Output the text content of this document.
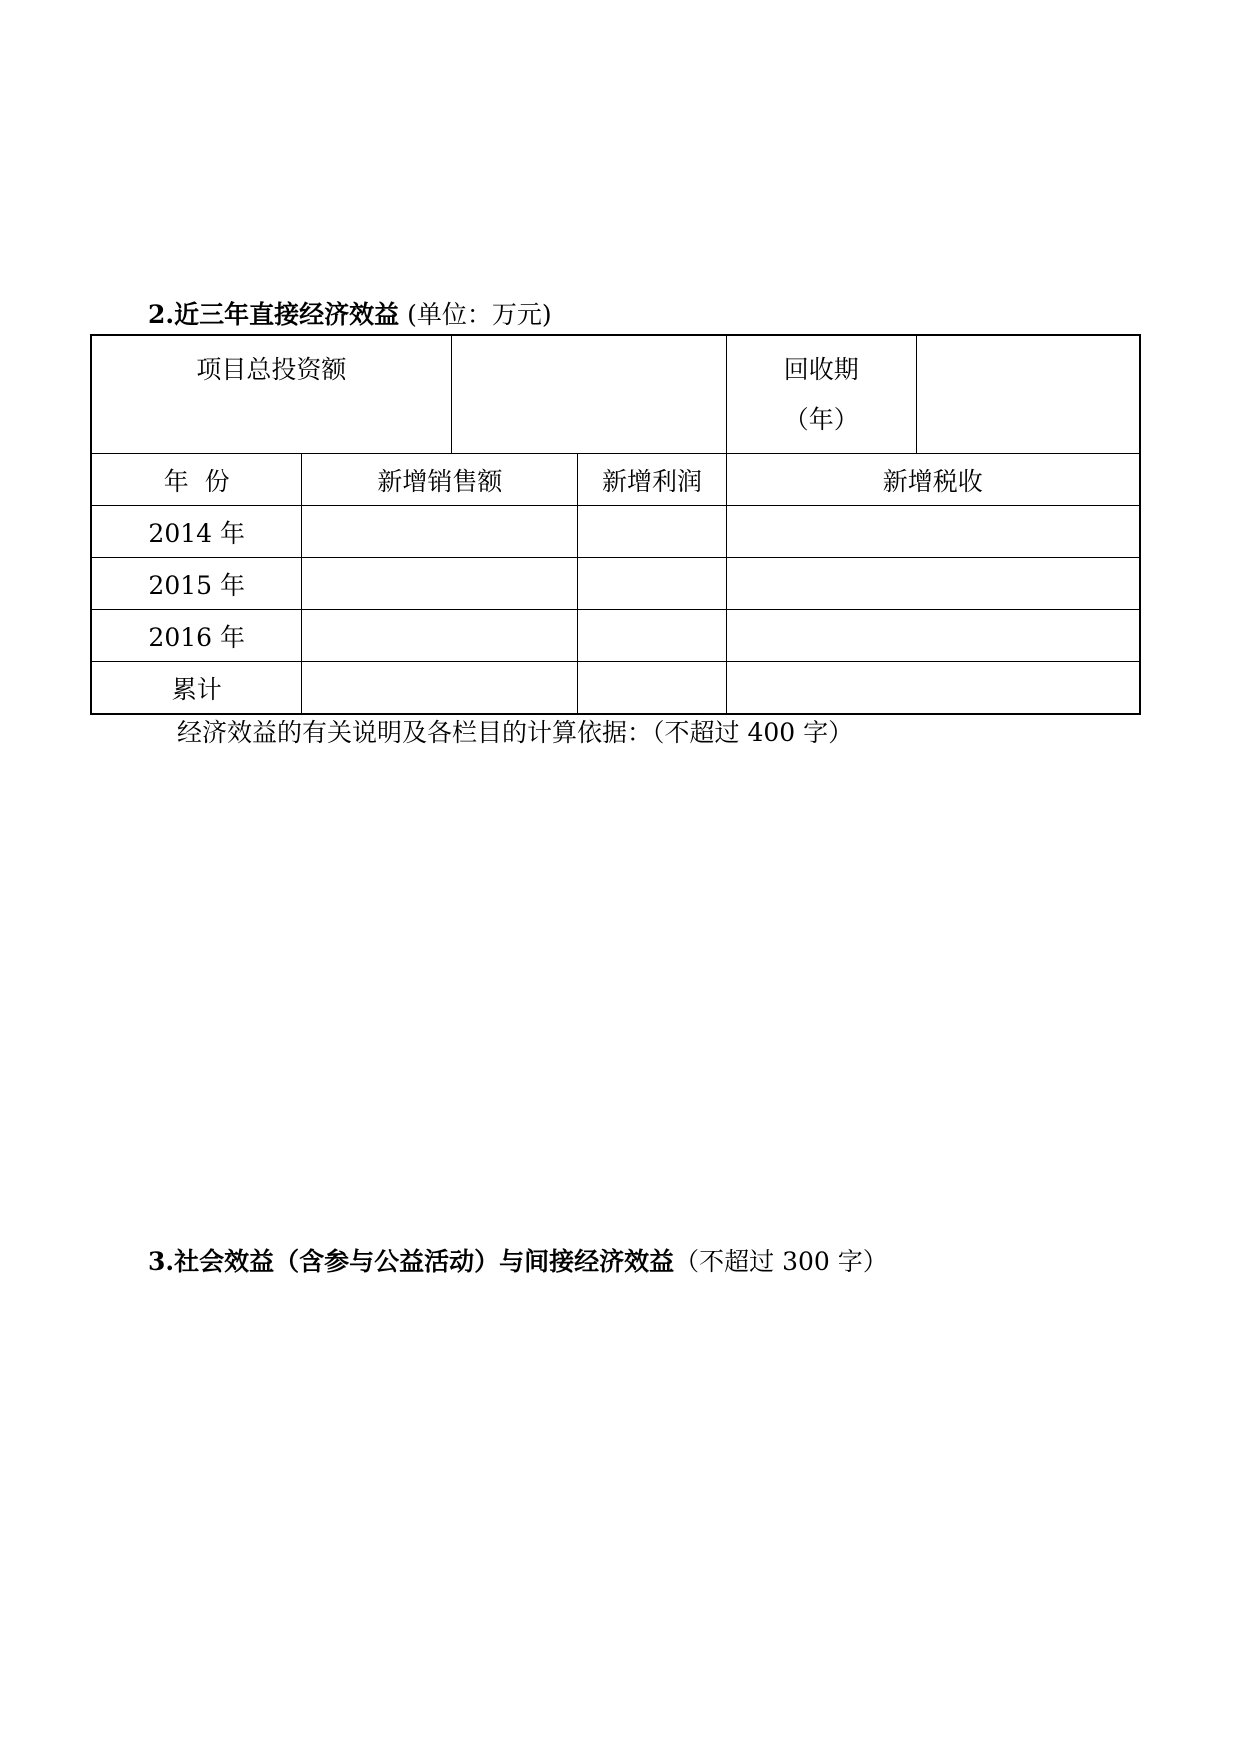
2.近三年直接经济效益 (单位：万元)
项目总投资额				回收期
（年）	

年  份	新增销售额		新增利润	新增税收	
2014 年					
2015 年					
2016 年					
累计					
经济效益的有关说明及各栏目的计算依据：（不超过 400 字）
3.社会效益（含参与公益活动）与间接经济效益（不超过 300 字）
